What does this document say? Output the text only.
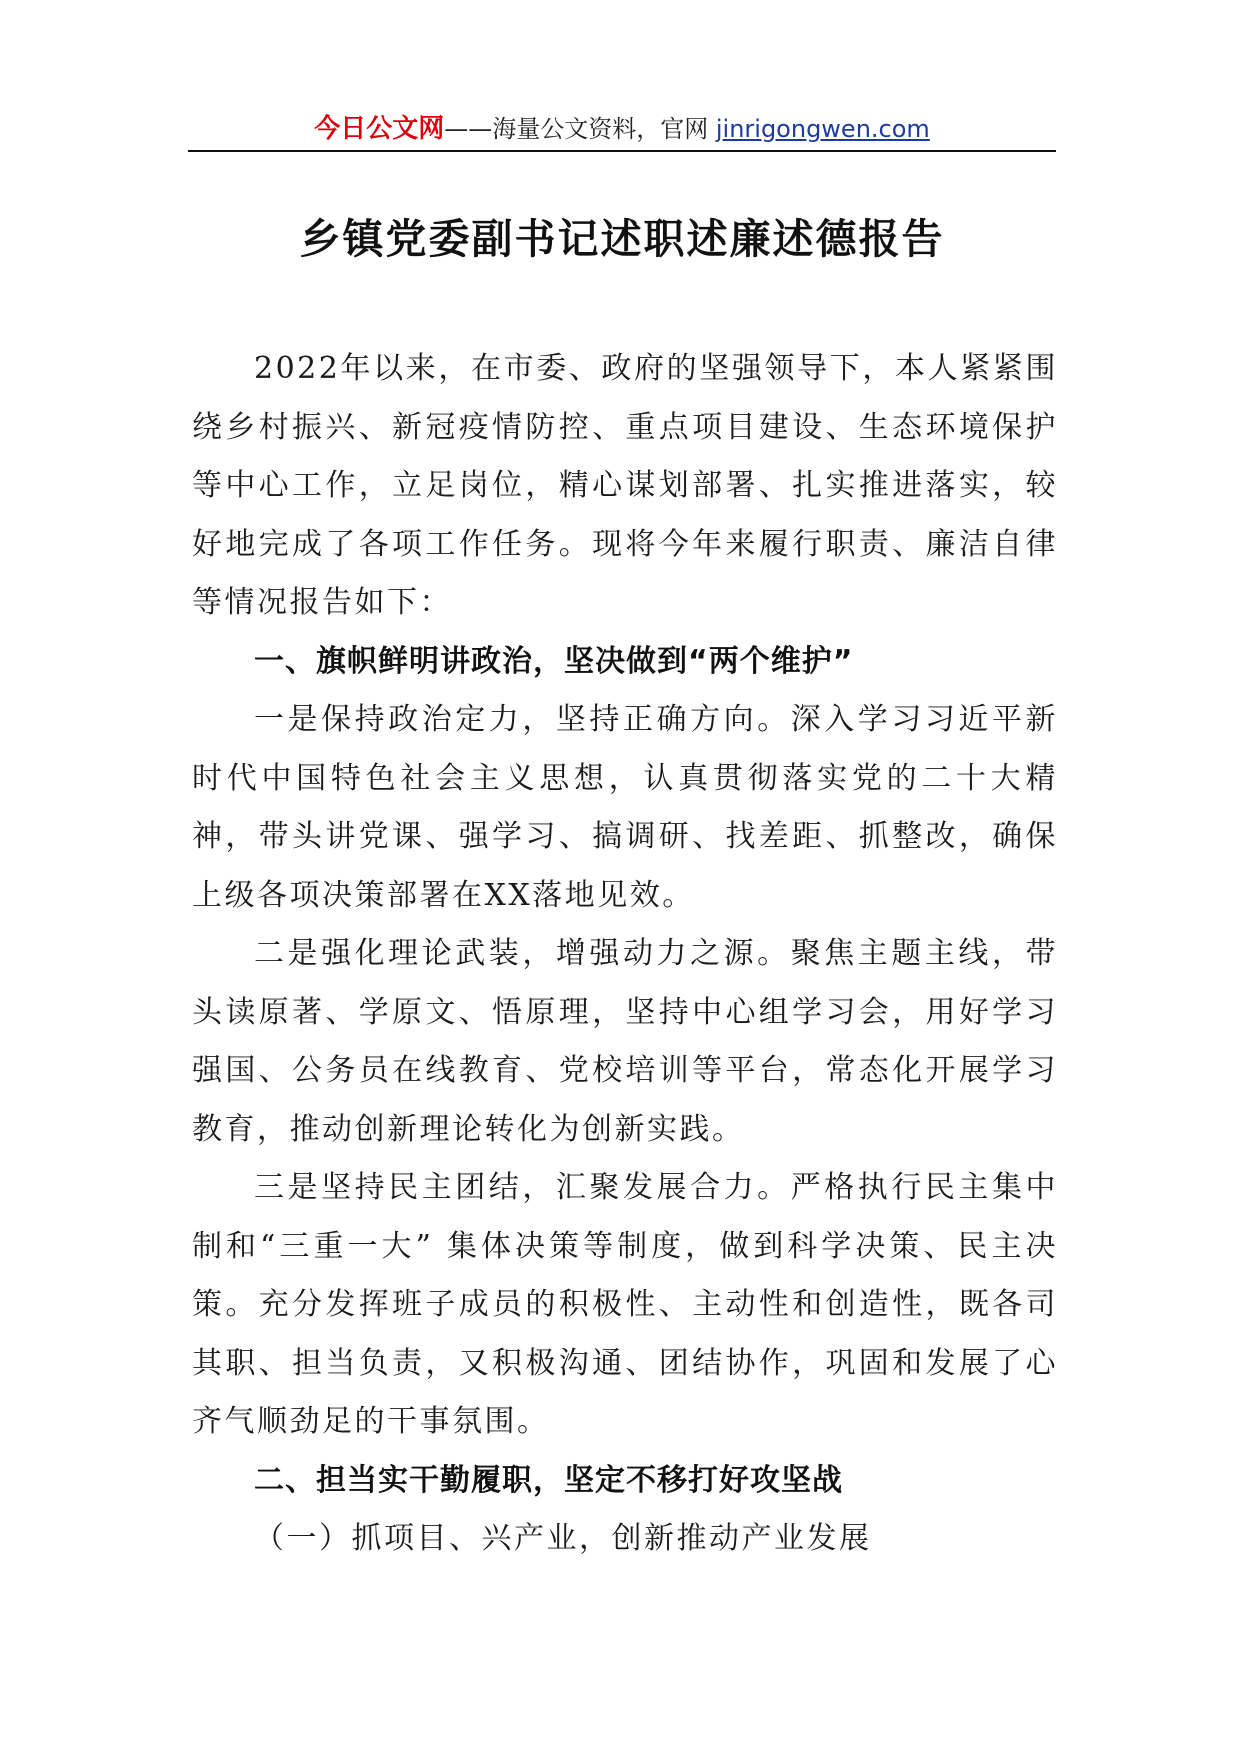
今日公文网——海量公文资料，官网 jinrigongwen.com
乡镇党委副书记述职述廉述德报告

2022年以来，在市委、政府的坚强领导下，本人紧紧围绕乡村振兴、新冠疫情防控、重点项目建设、生态环境保护等中心工作，立足岗位，精心谋划部署、扎实推进落实，较好地完成了各项工作任务。现将今年来履行职责、廉洁自律等情况报告如下：

一、旗帜鲜明讲政治，坚决做到“两个维护”

一是保持政治定力，坚持正确方向。深入学习习近平新时代中国特色社会主义思想，认真贯彻落实党的二十大精神，带头讲党课、强学习、搞调研、找差距、抓整改，确保上级各项决策部署在XX落地见效。

二是强化理论武装，增强动力之源。聚焦主题主线，带头读原著、学原文、悟原理，坚持中心组学习会，用好学习强国、公务员在线教育、党校培训等平台，常态化开展学习教育，推动创新理论转化为创新实践。

三是坚持民主团结，汇聚发展合力。严格执行民主集中制和“三重一大” 集体决策等制度，做到科学决策、民主决策。充分发挥班子成员的积极性、主动性和创造性，既各司其职、担当负责，又积极沟通、团结协作，巩固和发展了心齐气顺劲足的干事氛围。

二、担当实干勤履职，坚定不移打好攻坚战

（一）抓项目、兴产业，创新推动产业发展
